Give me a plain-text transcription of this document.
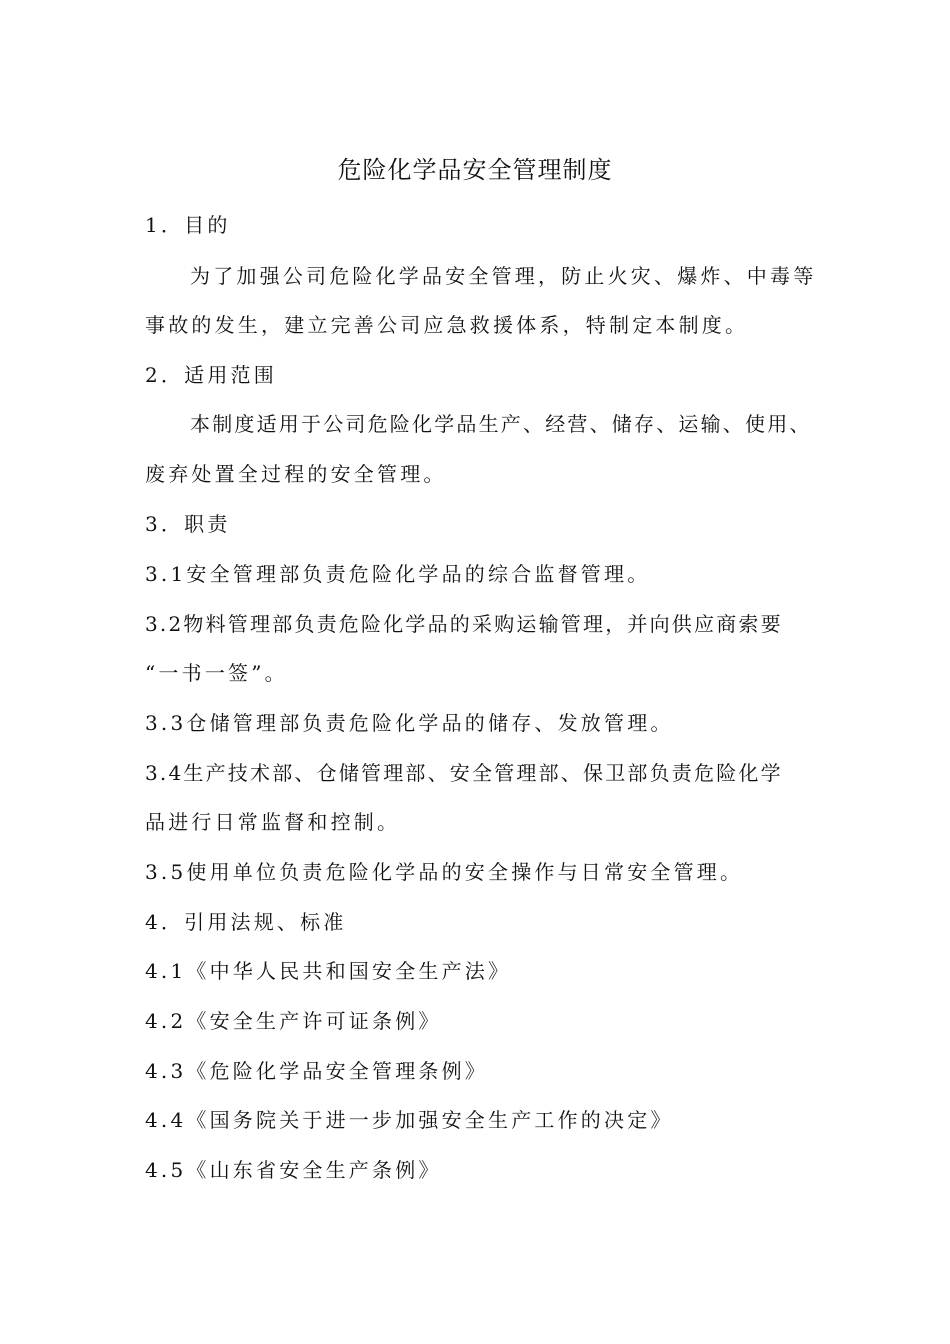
危险化学品安全管理制度
1．目的
为了加强公司危险化学品安全管理，防止火灾、爆炸、中毒等
事故的发生，建立完善公司应急救援体系，特制定本制度。
2．适用范围
本制度适用于公司危险化学品生产、经营、储存、运输、使用、
废弃处置全过程的安全管理。
3．职责
3.1安全管理部负责危险化学品的综合监督管理。
3.2物料管理部负责危险化学品的采购运输管理，并向供应商索要
“一书一签”。
3.3仓储管理部负责危险化学品的储存、发放管理。
3.4生产技术部、仓储管理部、安全管理部、保卫部负责危险化学
品进行日常监督和控制。
3.5使用单位负责危险化学品的安全操作与日常安全管理。
4．引用法规、标准
4.1《中华人民共和国安全生产法》
4.2《安全生产许可证条例》
4.3《危险化学品安全管理条例》
4.4《国务院关于进一步加强安全生产工作的决定》
4.5《山东省安全生产条例》
